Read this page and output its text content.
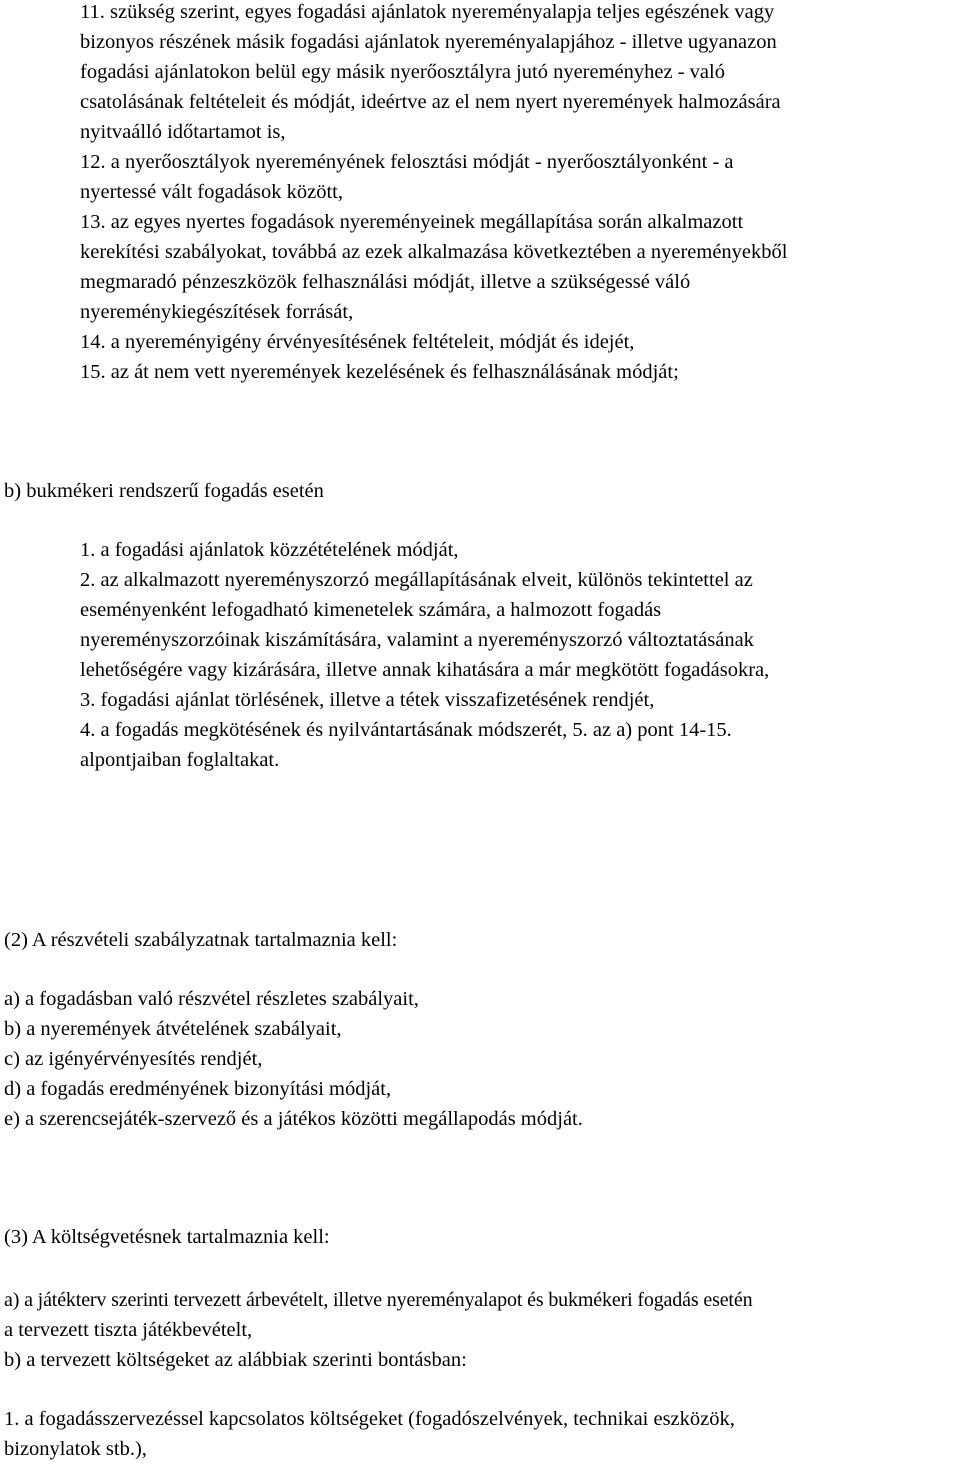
11. szükség szerint, egyes fogadási ajánlatok nyereményalapja teljes egészének vagy
bizonyos részének másik fogadási ajánlatok nyereményalapjához - illetve ugyanazon
fogadási ajánlatokon belül egy másik nyerőosztályra jutó nyereményhez - való
csatolásának feltételeit és módját, ideértve az el nem nyert nyeremények halmozására
nyitvaálló időtartamot is,
12. a nyerőosztályok nyereményének felosztási módját - nyerőosztályonként - a
nyertessé vált fogadások között,
13. az egyes nyertes fogadások nyereményeinek megállapítása során alkalmazott
kerekítési szabályokat, továbbá az ezek alkalmazása következtében a nyereményekből
megmaradó pénzeszközök felhasználási módját, illetve a szükségessé váló
nyereménykiegészítések forrását,
14. a nyereményigény érvényesítésének feltételeit, módját és idejét,
15. az át nem vett nyeremények kezelésének és felhasználásának módját;
b) bukmékeri rendszerű fogadás esetén
1. a fogadási ajánlatok közzétételének módját,
2. az alkalmazott nyereményszorzó megállapításának elveit, különös tekintettel az
eseményenként lefogadható kimenetelek számára, a halmozott fogadás
nyereményszorzóinak kiszámítására, valamint a nyereményszorzó változtatásának
lehetőségére vagy kizárására, illetve annak kihatására a már megkötött fogadásokra,
3. fogadási ajánlat törlésének, illetve a tétek visszafizetésének rendjét,
4. a fogadás megkötésének és nyilvántartásának módszerét, 5. az a) pont 14-15.
alpontjaiban foglaltakat.
(2) A részvételi szabályzatnak tartalmaznia kell:
a) a fogadásban való részvétel részletes szabályait,
b) a nyeremények átvételének szabályait,
c) az igényérvényesítés rendjét,
d) a fogadás eredményének bizonyítási módját,
e) a szerencsejáték-szervező és a játékos közötti megállapodás módját.
(3) A költségvetésnek tartalmaznia kell:
a) a játékterv szerinti tervezett árbevételt, illetve nyereményalapot és bukmékeri fogadás esetén
a tervezett tiszta játékbevételt,
b) a tervezett költségeket az alábbiak szerinti bontásban:
1. a fogadásszervezéssel kapcsolatos költségeket (fogadószelvények, technikai eszközök,
bizonylatok stb.),
